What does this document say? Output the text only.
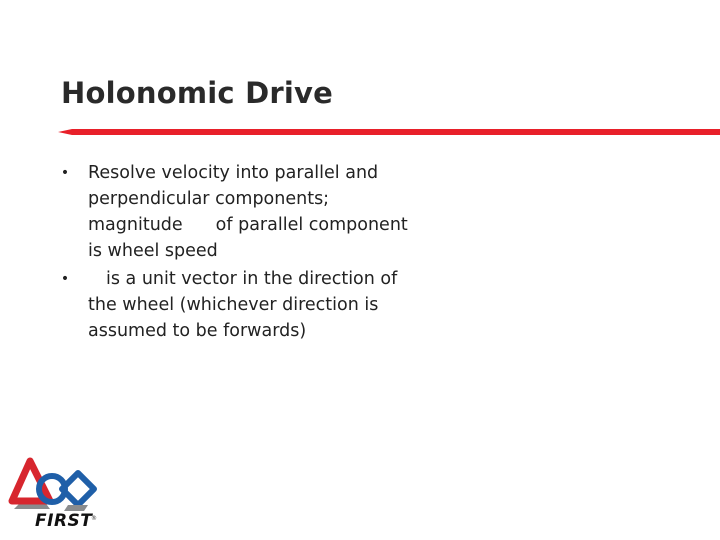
Holonomic Drive
• Resolve velocity into parallel and
perpendicular components;
magnitude of parallel component
is wheel speed
•	is a unit vector in the direction of
the wheel (whichever direction is
assumed to be forwards)

FIRST

®
